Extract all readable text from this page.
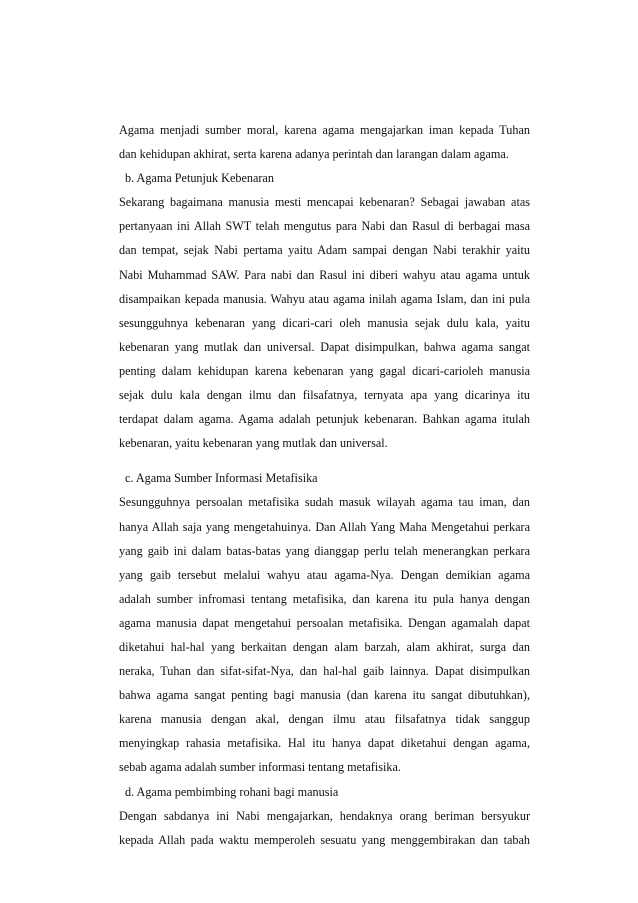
Agama menjadi sumber moral, karena agama mengajarkan iman kepada Tuhan
dan kehidupan akhirat, serta karena adanya perintah dan larangan dalam agama.
b. Agama Petunjuk Kebenaran
Sekarang bagaimana manusia mesti mencapai kebenaran? Sebagai jawaban atas
pertanyaan ini Allah SWT telah mengutus para Nabi dan Rasul di berbagai masa
dan tempat, sejak Nabi pertama yaitu Adam sampai dengan Nabi terakhir yaitu
Nabi Muhammad SAW. Para nabi dan Rasul ini diberi wahyu atau agama untuk
disampaikan kepada manusia. Wahyu atau agama inilah agama Islam, dan ini pula
sesungguhnya kebenaran yang dicari-cari oleh manusia sejak dulu kala, yaitu
kebenaran yang mutlak dan universal. Dapat disimpulkan, bahwa agama sangat
penting dalam kehidupan karena kebenaran yang gagal dicari-carioleh manusia
sejak dulu kala dengan ilmu dan filsafatnya, ternyata apa yang dicarinya itu
terdapat dalam agama. Agama adalah petunjuk kebenaran. Bahkan agama itulah
kebenaran, yaitu kebenaran yang mutlak dan universal.
c. Agama Sumber Informasi Metafisika
Sesungguhnya persoalan metafisika sudah masuk wilayah agama tau iman, dan
hanya Allah saja yang mengetahuinya. Dan Allah Yang Maha Mengetahui perkara
yang gaib ini dalam batas-batas yang dianggap perlu telah menerangkan perkara
yang gaib tersebut melalui wahyu atau agama-Nya. Dengan demikian agama
adalah sumber infromasi tentang metafisika, dan karena itu pula hanya dengan
agama manusia dapat mengetahui persoalan metafisika. Dengan agamalah dapat
diketahui hal-hal yang berkaitan dengan alam barzah, alam akhirat, surga dan
neraka, Tuhan dan sifat-sifat-Nya, dan hal-hal gaib lainnya. Dapat disimpulkan
bahwa agama sangat penting bagi manusia (dan karena itu sangat dibutuhkan),
karena manusia dengan akal, dengan ilmu atau filsafatnya tidak sanggup
menyingkap rahasia metafisika. Hal itu hanya dapat diketahui dengan agama,
sebab agama adalah sumber informasi tentang metafisika.
d. Agama pembimbing rohani bagi manusia
Dengan sabdanya ini Nabi mengajarkan, hendaknya orang beriman bersyukur
kepada Allah pada waktu memperoleh sesuatu yang menggembirakan dan tabah
